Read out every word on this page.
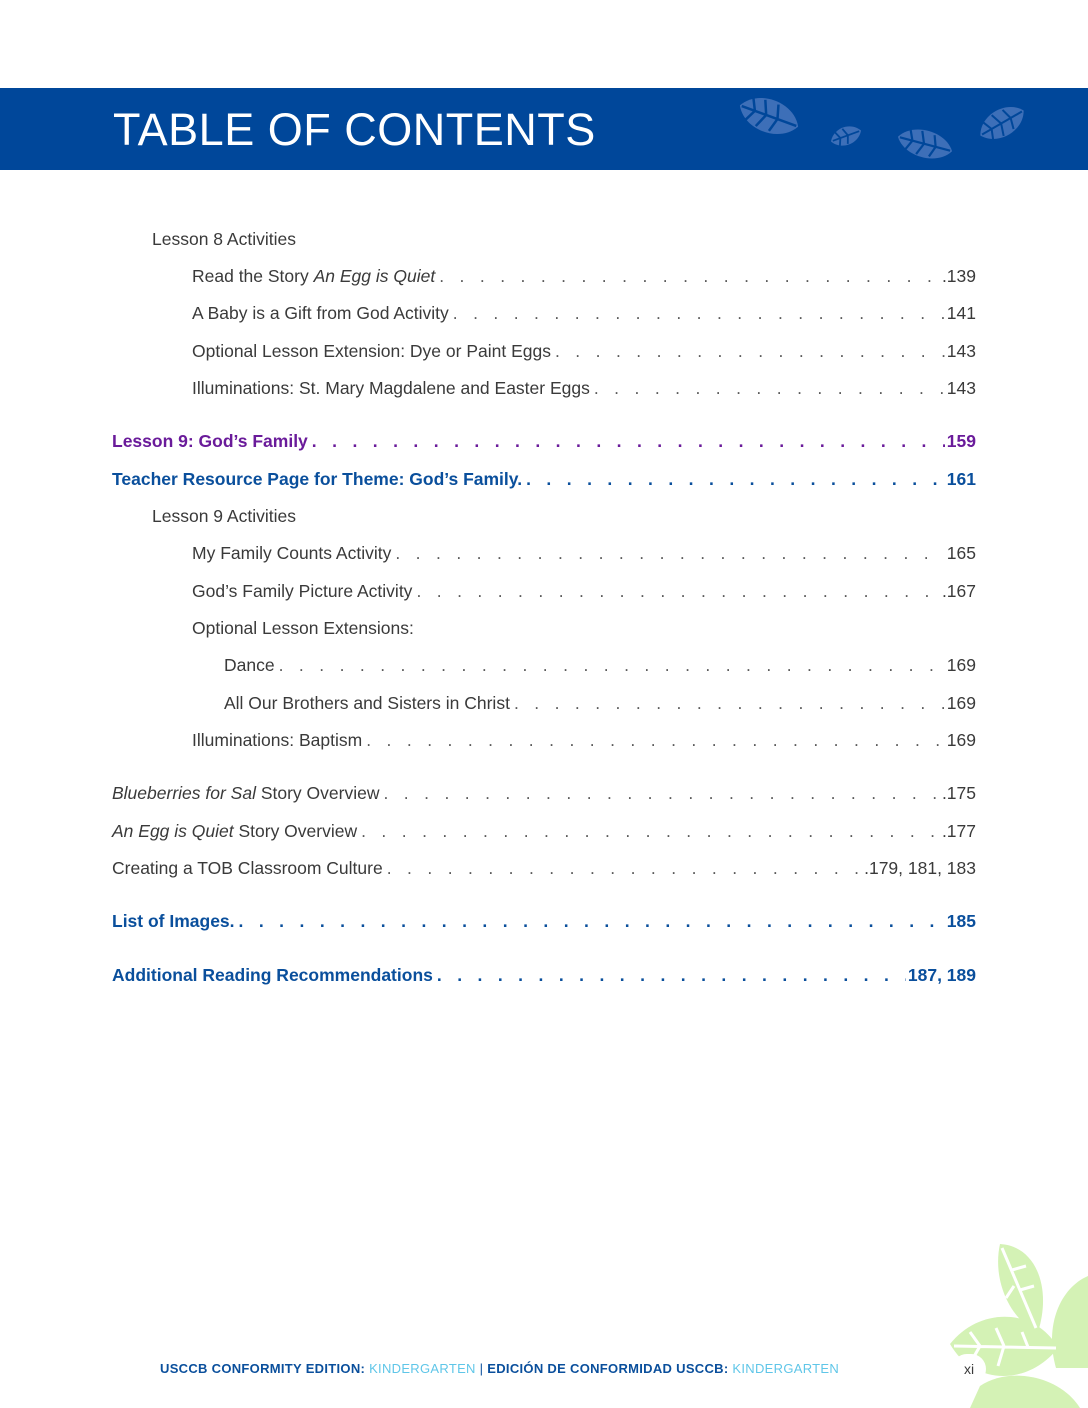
TABLE OF CONTENTS
Lesson 8 Activities
Read the Story An Egg is Quiet . . .	.139
A Baby is a Gift from God Activity . . .	141
Optional Lesson Extension: Dye or Paint Eggs . . .	143
Illuminations: St. Mary Magdalene and Easter Eggs . . .	143
Lesson 9: God’s Family . . .	159
Teacher Resource Page for Theme: God’s Family. . . .	161
Lesson 9 Activities
My Family Counts Activity . . .	165
God’s Family Picture Activity . . .	.167
Optional Lesson Extensions:
Dance . . .	169
All Our Brothers and Sisters in Christ . . .	169
Illuminations: Baptism . . .	169
Blueberries for Sal Story Overview . . .	.175
An Egg is Quiet Story Overview . . .	.177
Creating a TOB Classroom Culture . . .	.179, 181, 183
List of Images. . . .	185
Additional Reading Recommendations . . .	187, 189
USCCB CONFORMITY EDITION: KINDERGARTEN | EDICIÓN DE CONFORMIDAD USCCB: KINDERGARTEN	xi
